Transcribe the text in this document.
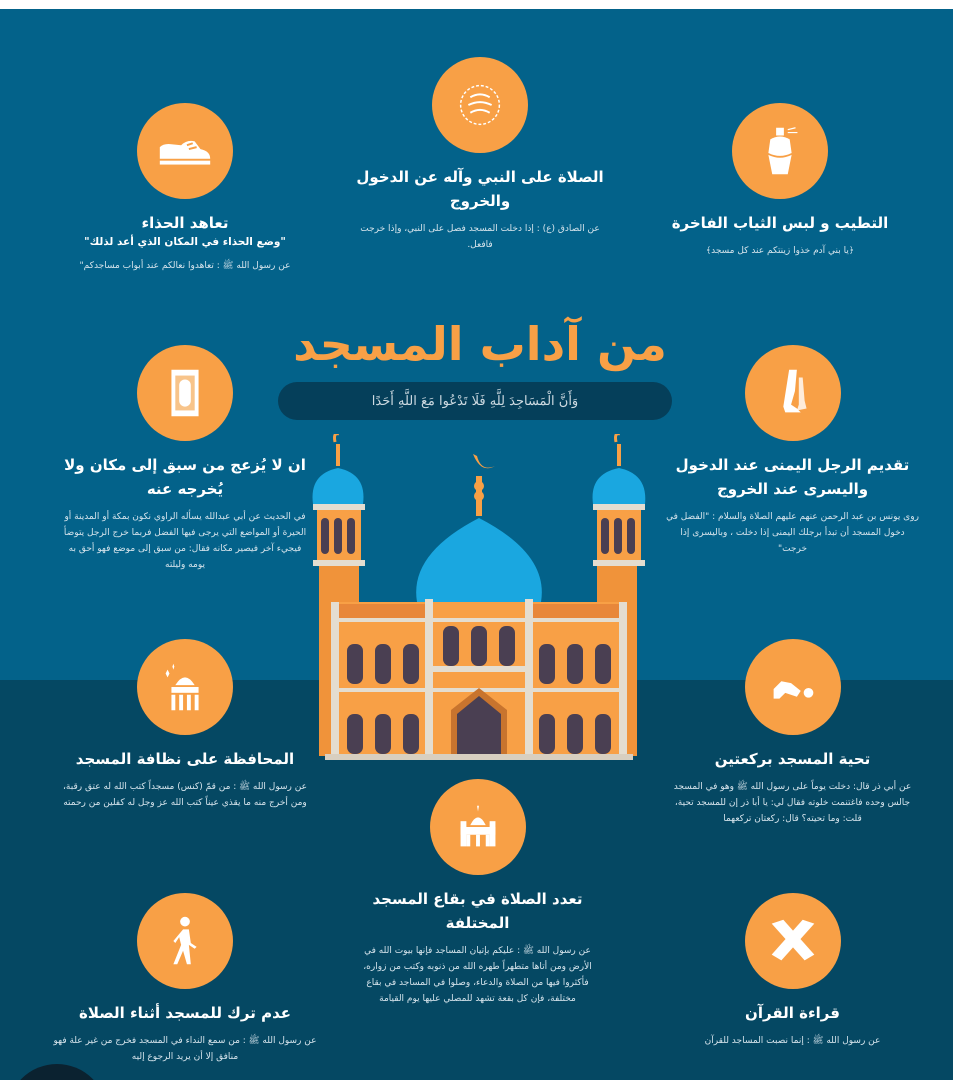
تعاهد الحذاء
"وضع الحذاء في المكان الذي أعد لذلك"
عن رسول الله ﷺ : تعاهدوا نعالكم عند أبواب مساجدكم"
الصلاة على النبي وآله عن الدخول والخروج
عن الصادق (ع) : إذا دخلت المسجد فصل على النبي، وإذا خرجت فافعل.
التطيب و لبس الثياب الفاخرة
﴿يا بني آدم خذوا زينتكم عند كل مسجد﴾
ان لا يُزعج من سبق إلى مكان ولا يُخرجه عنه
في الحديث عن أبي عبدالله يسأله الراوي نكون بمكة أو المدينة أو الحيرة أو المواضع التي يرجى فيها الفضل فربما خرج الرجل يتوضأ فيجيء آخر فيصير مكانه فقال: من سبق إلى موضع فهو أحق به يومه وليلته
تقديم الرجل اليمنى عند الدخول واليسرى عند الخروج
روى يونس بن عبد الرحمن عنهم عليهم الصلاة والسلام : "الفضل في دخول المسجد أن تبدأ برجلك اليمنى إذا دخلت ، وباليسرى إذا خرجت"
المحافظة على نظافة المسجد
عن رسول الله ﷺ : من قمّ (كنس) مسجداً كتب الله له عتق رقبة، ومن أخرج منه ما يقذي عيناً كتب الله عز وجل له كفلين من رحمته
تحية المسجد بركعتين
عن أبي ذر قال: دخلت يوماً على رسول الله ﷺ وهو في المسجد جالس وحده فاغتنمت خلوته فقال لي: يا أبا ذر إن للمسجد تحية، قلت: وما تحيته؟ قال: ركعتان تركعهما
تعدد الصلاة في بقاع المسجد المختلفة
عن رسول الله ﷺ : عليكم بإتيان المساجد فإنها بيوت الله في الأرض ومن أتاها متطهراً طهره الله من ذنوبه وكتب من زواره، فأكثروا فيها من الصلاة والدعاء، وصلوا في المساجد في بقاع مختلفة، فإن كل بقعة تشهد للمصلي عليها يوم القيامة
عدم ترك للمسجد أثناء الصلاة
عن رسول الله ﷺ : من سمع النداء في المسجد فخرج من غير علة فهو منافق إلا أن يريد الرجوع إليه
قراءة القرآن
عن رسول الله ﷺ : إنما نصبت المساجد للقرآن
من آداب المسجد
وَأَنَّ الْمَسَاجِدَ لِلَّهِ فَلَا تَدْعُوا مَعَ اللَّهِ أَحَدًا
